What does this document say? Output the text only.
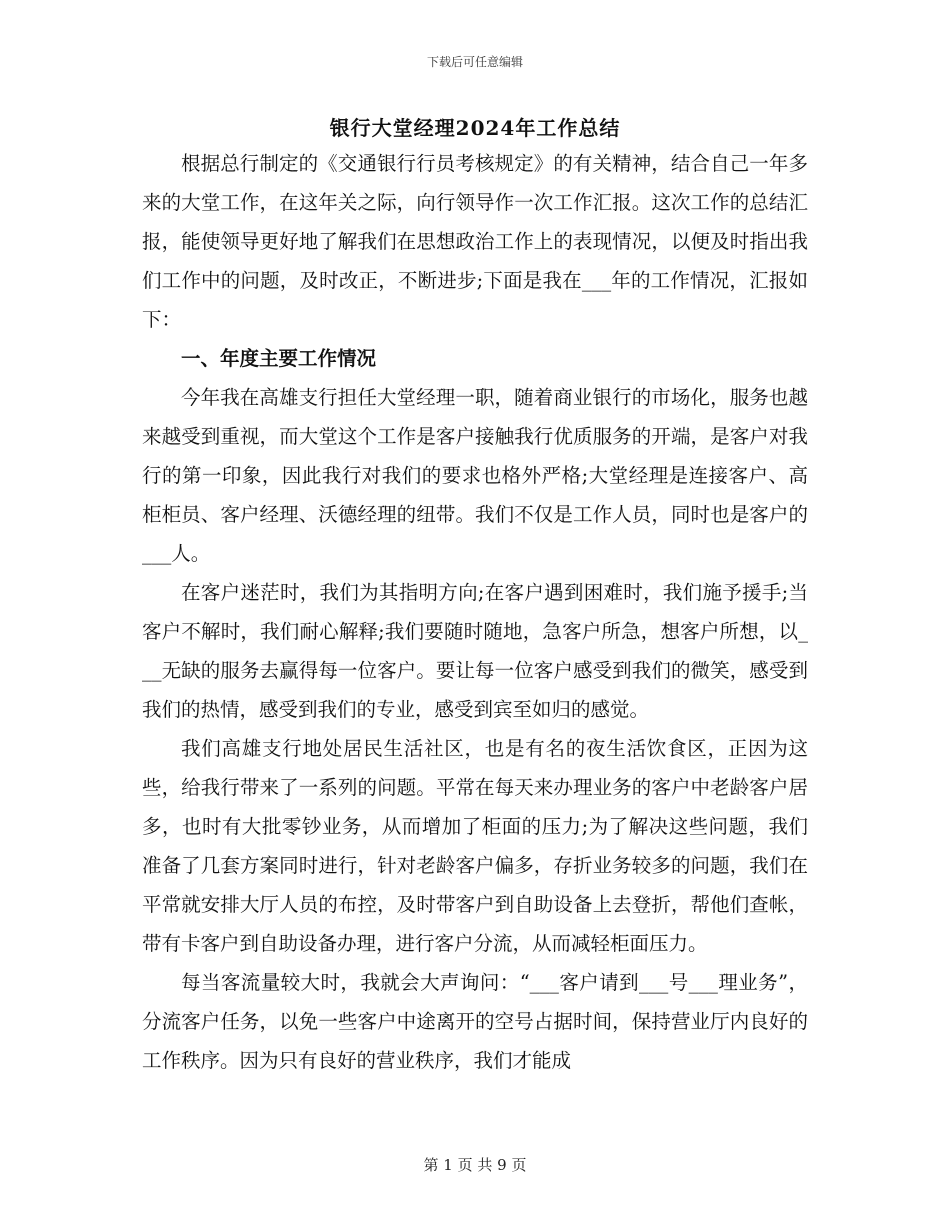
下载后可任意编辑
银行大堂经理2024年工作总结

根据总行制定的《交通银行行员考核规定》的有关精神，结合自己一年多来的大堂工作，在这年关之际，向行领导作一次工作汇报。这次工作的总结汇报，能使领导更好地了解我们在思想政治工作上的表现情况，以便及时指出我们工作中的问题，及时改正，不断进步;下面是我在___年的工作情况，汇报如下：

一、年度主要工作情况

今年我在高雄支行担任大堂经理一职，随着商业银行的市场化，服务也越来越受到重视，而大堂这个工作是客户接触我行优质服务的开端，是客户对我行的第一印象，因此我行对我们的要求也格外严格;大堂经理是连接客户、高柜柜员、客户经理、沃德经理的纽带。我们不仅是工作人员，同时也是客户的___人。

在客户迷茫时，我们为其指明方向;在客户遇到困难时，我们施予援手;当客户不解时，我们耐心解释;我们要随时随地，急客户所急，想客户所想，以___无缺的服务去赢得每一位客户。要让每一位客户感受到我们的微笑，感受到我们的热情，感受到我们的专业，感受到宾至如归的感觉。

我们高雄支行地处居民生活社区，也是有名的夜生活饮食区，正因为这些，给我行带来了一系列的问题。平常在每天来办理业务的客户中老龄客户居多，也时有大批零钞业务，从而增加了柜面的压力;为了解决这些问题，我们准备了几套方案同时进行，针对老龄客户偏多，存折业务较多的问题，我们在平常就安排大厅人员的布控，及时带客户到自助设备上去登折，帮他们查帐，带有卡客户到自助设备办理，进行客户分流，从而减轻柜面压力。

每当客流量较大时，我就会大声询问：“___客户请到___号___理业务”，分流客户任务，以免一些客户中途离开的空号占据时间，保持营业厅内良好的工作秩序。因为只有良好的营业秩序，我们才能成

第 1 页 共 9 页
